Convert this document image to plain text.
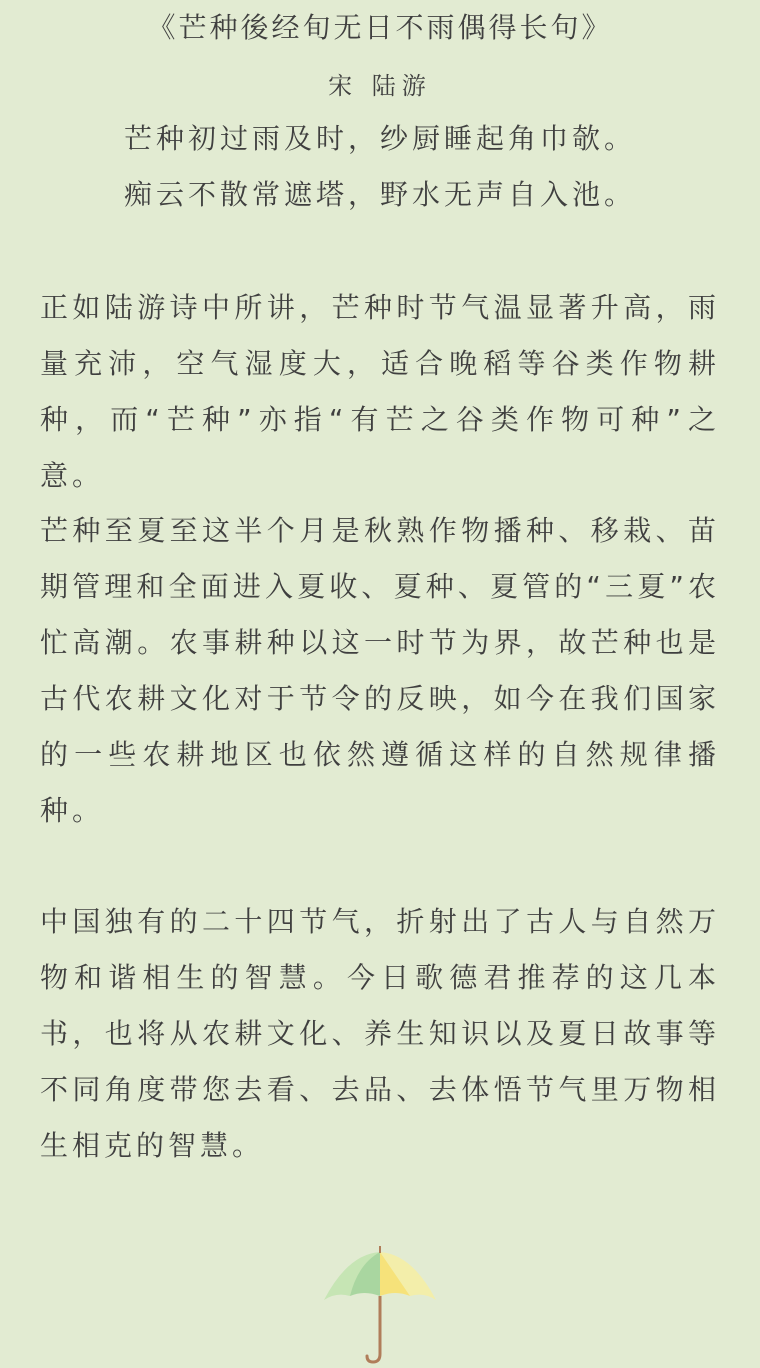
《芒种後经旬无日不雨偶得长句》
宋 陆游
芒种初过雨及时，纱厨睡起角巾欹。
痴云不散常遮塔，野水无声自入池。

正如陆游诗中所讲，芒种时节气温显著升高，雨量充沛，空气湿度大，适合晚稻等谷类作物耕种，而“芒种”亦指“有芒之谷类作物可种”之意。

芒种至夏至这半个月是秋熟作物播种、移栽、苗期管理和全面进入夏收、夏种、夏管的“三夏”农忙高潮。农事耕种以这一时节为界，故芒种也是古代农耕文化对于节令的反映，如今在我们国家的一些农耕地区也依然遵循这样的自然规律播种。

中国独有的二十四节气，折射出了古人与自然万物和谐相生的智慧。今日歌德君推荐的这几本书，也将从农耕文化、养生知识以及夏日故事等不同角度带您去看、去品、去体悟节气里万物相生相克的智慧。
